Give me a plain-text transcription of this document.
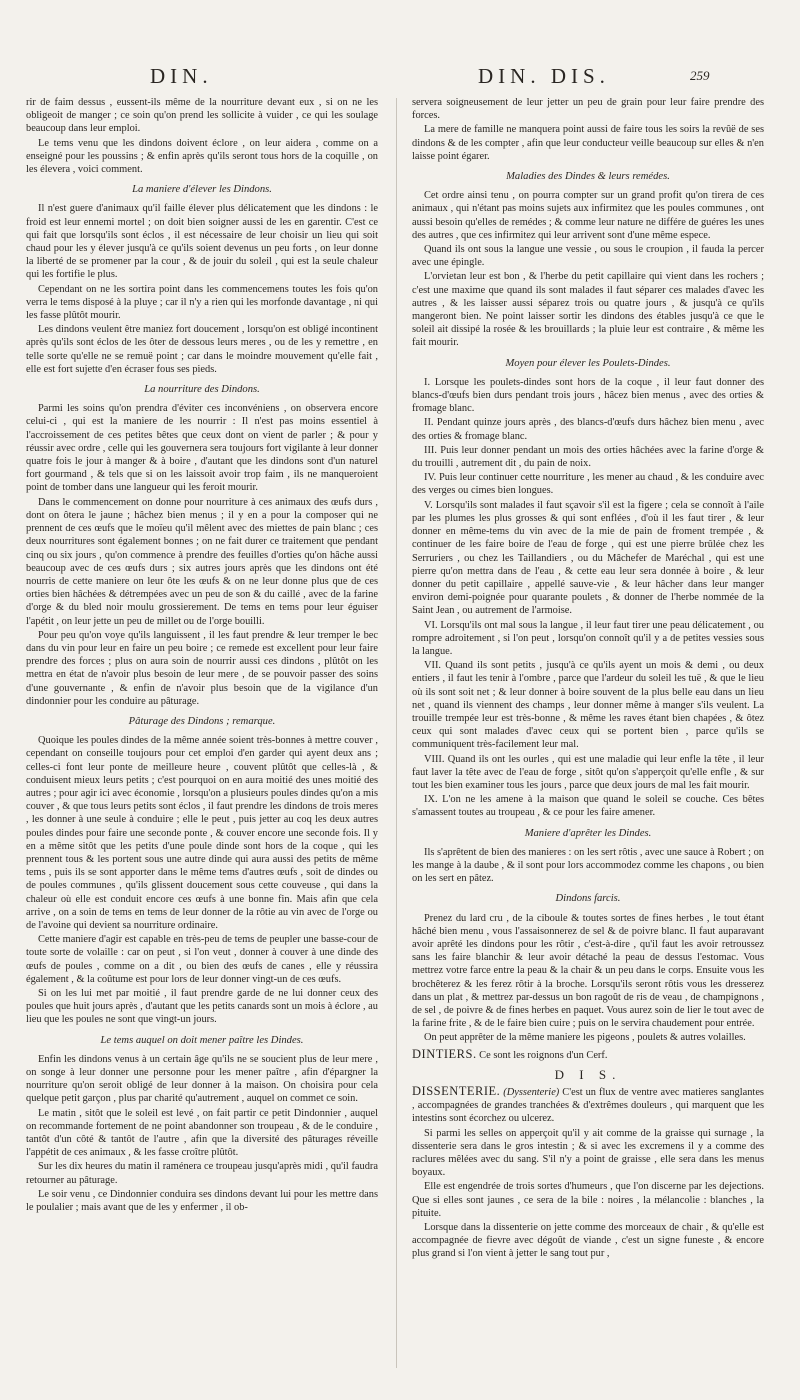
DIN.	DIN. DIS.	259

rir de faim dessus , eussent-ils même de la nourriture devant eux , si on ne les obligeoit de manger ; ce soin qu'on prend les sollicite à vuider , ce qui les soulage beaucoup dans leur emploi.

Le tems venu que les dindons doivent éclore , on leur aidera , comme on a enseigné pour les poussins ; & enfin après qu'ils seront tous hors de la coquille , on les élevera , voici comment.

La maniere d'élever les Dindons.

Il n'est guere d'animaux qu'il faille élever plus délicatement que les dindons : le froid est leur ennemi mortel ; on doit bien soigner aussi de les en garentir. C'est ce qui fait que lorsqu'ils sont éclos , il est nécessaire de leur choisir un lieu qui soit chaud pour les y élever jusqu'à ce qu'ils soient devenus un peu forts , on leur donne la liberté de se promener par la cour , & de jouir du soleil , qui est la seule chaleur qui les fortifie le plus.

Cependant on ne les sortira point dans les commencemens toutes les fois qu'on verra le tems disposé à la pluye ; car il n'y a rien qui les morfonde davantage , ni qui les fasse plûtôt mourir.

Les dindons veulent être maniez fort doucement , lorsqu'on est obligé incontinent après qu'ils sont éclos de les ôter de dessous leurs meres , ou de les y remettre , en telle sorte qu'elle ne se remuë point ; car dans le moindre mouvement qu'elle fait , elle est fort sujette d'en écraser fous ses pieds.

La nourriture des Dindons.

Parmi les soins qu'on prendra d'éviter ces inconvéniens , on observera encore celui-ci , qui est la maniere de les nourrir : Il n'est pas moins essentiel à l'accroissement de ces petites bêtes que ceux dont on vient de parler ; & pour y réussir avec ordre , celle qui les gouvernera sera toujours fort vigilante à leur donner quatre fois le jour à manger & à boire , d'autant que les dindons sont d'un naturel fort gourmand , & tels que si on les laissoit avoir trop faim , ils ne manqueroient point de tomber dans une langueur qui les feroit mourir.

Dans le commencement on donne pour nourriture à ces animaux des œufs durs , dont on ôtera le jaune ; hâchez bien menus ; il y en a pour la composer qui ne prennent de ces œufs que le moïeu qu'il mêlent avec des miettes de pain blanc ; ces deux nourritures sont également bonnes ; on ne fait durer ce traitement que pendant cinq ou six jours , qu'on commence à prendre des feuilles d'orties qu'on hâche aussi beaucoup avec de ces œufs durs ; six autres jours après que les dindons ont été nourris de cette maniere on leur ôte les œufs & on ne leur donne plus que de ces orties bien hâchées & détrempées avec un peu de son & du caillé , avec de la farine d'orge & du bled noir moulu grossierement. De tems en tems pour leur éguiser l'apétit , on leur jette un peu de millet ou de l'orge bouilli.

Pour peu qu'on voye qu'ils languissent , il les faut prendre & leur tremper le bec dans du vin pour leur en faire un peu boire ; ce remede est excellent pour leur faire prendre des forces ; plus on aura soin de nourrir aussi ces dindons , plûtôt on les mettra en état de n'avoir plus besoin de leur mere , de se pouvoir passer des soins d'une gouvernante , & enfin de n'avoir plus besoin que de la vigilance d'un dindonnier pour les conduire au pâturage.

Pâturage des Dindons ; remarque.

Quoique les poules dindes de la même année soient très-bonnes à mettre couver , cependant on conseille toujours pour cet emploi d'en garder qui ayent deux ans ; celles-ci font leur ponte de meilleure heure , couvent plûtôt que celles-là , & conduisent mieux leurs petits ; c'est pourquoi on en aura moitié des unes moitié des autres ; pour agir ici avec économie , lorsqu'on a plusieurs poules dindes qu'on a mis couver , & que tous leurs petits sont éclos , il faut prendre les dindons de trois meres , les donner à une seule à conduire ; elle le peut , puis jetter au coq les deux autres poules dindes pour faire une seconde ponte , & couver encore une seconde fois. Il y en a même sitôt que les petits d'une poule dinde sont hors de la coque , qui les prennent tous & les portent sous une autre dinde qui aura aussi des petits de même tems , puis ils se sont apporter dans le même tems d'autres œufs , soit de dindes ou de poules communes , qu'ils glissent doucement sous cette couveuse , qui dans la chaleur où elle est conduit encore ces œufs à une bonne fin. Mais afin que cela arrive , on a soin de tems en tems de leur donner de la rôtie au vin avec de l'orge ou de l'avoine qui devient sa nourriture ordinaire.

Cette maniere d'agir est capable en très-peu de tems de peupler une basse-cour de toute sorte de volaille : car on peut , si l'on veut , donner à couver à une dinde des œufs de poules , comme on a dit , ou bien des œufs de canes , elle y réussira également , & la coûtume est pour lors de leur donner vingt-un de ces œufs.

Si on les lui met par moitié , il faut prendre garde de ne lui donner ceux des poules que huit jours après , d'autant que les petits canards sont un mois à éclore , au lieu que les poules ne sont que vingt-un jours.

Le tems auquel on doit mener paître les Dindes.

Enfin les dindons venus à un certain âge qu'ils ne se soucient plus de leur mere , on songe à leur donner une personne pour les mener paître , afin d'épargner la nourriture qu'on seroit obligé de leur donner à la maison. On choisira pour cela quelque petit garçon , plus par charité qu'autrement , auquel on commet ce soin.

Le matin , sitôt que le soleil est levé , on fait partir ce petit Dindonnier , auquel on recommande fortement de ne point abandonner son troupeau , & de le conduire , tantôt d'un côté & tantôt de l'autre , afin que la diversité des pâturages réveille l'appétit de ces animaux , & les fasse croître plûtôt.

Sur les dix heures du matin il raménera ce troupeau jusqu'après midi , qu'il faudra retourner au pâturage.

Le soir venu , ce Dindonnier conduira ses dindons devant lui pour les mettre dans le poulalier ; mais avant que de les y enfermer , il ob-

servera soigneusement de leur jetter un peu de grain pour leur faire prendre des forces.

La mere de famille ne manquera point aussi de faire tous les soirs la revûë de ses dindons & de les compter , afin que leur conducteur veille beaucoup sur elles & n'en laisse point égarer.

Maladies des Dindes & leurs remédes.

Cet ordre ainsi tenu , on pourra compter sur un grand profit qu'on tirera de ces animaux , qui n'étant pas moins sujets aux infirmitez que les poules communes , ont aussi besoin qu'elles de remédes ; & comme leur nature ne différe de guéres les unes des autres , que ces infirmitez qui leur arrivent sont d'une même espece.

Quand ils ont sous la langue une vessie , ou sous le croupion , il fauda la percer avec une épingle.

L'orvietan leur est bon , & l'herbe du petit capillaire qui vient dans les rochers ; c'est une maxime que quand ils sont malades il faut séparer ces malades d'avec les autres , & les laisser aussi séparez trois ou quatre jours , & jusqu'à ce qu'ils mangeront bien. Ne point laisser sortir les dindons des étables jusqu'à ce que le soleil ait dissipé la rosée & les brouillards ; la pluie leur est contraire , & même les fait mourir.

Moyen pour élever les Poulets-Dindes.

I. Lorsque les poulets-dindes sont hors de la coque , il leur faut donner des blancs-d'œufs bien durs pendant trois jours , hâcez bien menus , avec des orties & fromage blanc.

II. Pendant quinze jours après , des blancs-d'œufs durs hâchez bien menu , avec des orties & fromage blanc.

III. Puis leur donner pendant un mois des orties hâchées avec la farine d'orge & du trouilli , autrement dit , du pain de noix.

IV. Puis leur continuer cette nourriture , les mener au chaud , & les conduire avec des verges ou cimes bien longues.

V. Lorsqu'ils sont malades il faut sçavoir s'il est la figere ; cela se connoît à l'aile par les plumes les plus grosses & qui sont enflées , d'où il les faut tirer , & leur donner en même-tems du vin avec de la mie de pain de froment trempée , & continuer de les faire boire de l'eau de forge , qui est une pierre brûlée chez les Serruriers , ou chez les Taillandiers , ou du Mâchefer de Maréchal , qui est une pierre qu'on mettra dans de l'eau , & cette eau leur sera donnée à boire , & leur donner du petit capillaire , appellé sauve-vie , & leur hâcher dans leur manger environ demi-poignée pour quarante poulets , & donner de l'herbe nommée de la Saint Jean , ou autrement de l'armoise.

VI. Lorsqu'ils ont mal sous la langue , il leur faut tirer une peau délicatement , ou rompre adroitement , si l'on peut , lorsqu'on connoît qu'il y a de petites vessies sous la langue.

VII. Quand ils sont petits , jusqu'à ce qu'ils ayent un mois & demi , ou deux entiers , il faut les tenir à l'ombre , parce que l'ardeur du soleil les tuë , & que le lieu où ils sont soit net ; & leur donner à boire souvent de la plus belle eau dans un lieu net , quand ils viennent des champs , leur donner même à manger s'ils veulent. La trouille trempée leur est très-bonne , & même les raves étant bien chapées , & ôtez ceux qui sont malades d'avec ceux qui se portent bien , parce qu'ils se communiquent très-facilement leur mal.

VIII. Quand ils ont les ourles , qui est une maladie qui leur enfle la tête , il leur faut laver la tête avec de l'eau de forge , sitôt qu'on s'apperçoit qu'elle enfle , & sur tout les bien examiner tous les jours , parce que deux jours de mal les fait mourir.

IX. L'on ne les amene à la maison que quand le soleil se couche. Ces bêtes s'amassent toutes au troupeau , & ce pour les faire amener.

Maniere d'aprêter les Dindes.

Ils s'aprêtent de bien des manieres : on les sert rôtis , avec une sauce à Robert ; on les mange à la daube , & il sont pour lors accommodez comme les chapons , ou bien on les sert en pâtez.

Dindons farcis.

Prenez du lard cru , de la ciboule & toutes sortes de fines herbes , le tout étant hâché bien menu , vous l'assaisonnerez de sel & de poivre blanc. Il faut auparavant avoir aprêté les dindons pour les rôtir , c'est-à-dire , qu'il faut les avoir retroussez sans les faire blanchir & leur avoir détaché la peau de dessus l'estomac. Vous mettrez votre farce entre la peau & la chair & un peu dans le corps. Ensuite vous les brochêterez & les ferez rôtir à la broche. Lorsqu'ils seront rôtis vous les dresserez dans un plat , & mettrez par-dessus un bon ragoût de ris de veau , de champignons , de sel , de poivre & de fines herbes en paquet. Vous aurez soin de lier le tout avec de la farine frite , & de le faire bien cuire ; puis on le servira chaudement pour entrée.

On peut apprêter de la même maniere les pigeons , poulets & autres volailles.

DINTIERS. Ce sont les roignons d'un Cerf.

D I S.

DISSENTERIE. (Dyssenterie) C'est un flux de ventre avec matieres sanglantes , accompagnées de grandes tranchées & d'extrêmes douleurs , qui marquent que les intestins sont écorchez ou ulcerez.

Si parmi les selles on apperçoit qu'il y ait comme de la graisse qui surnage , la dissenterie sera dans le gros intestin ; & si avec les excremens il y a comme des raclures mêlées avec du sang. S'il n'y a point de graisse , elle sera dans les menus boyaux.

Elle est engendrée de trois sortes d'humeurs , que l'on discerne par les dejections. Que si elles sont jaunes , ce sera de la bile : noires , la mélancolie : blanches , la pituite.

Lorsque dans la dissenterie on jette comme des morceaux de chair , & qu'elle est accompagnée de fievre avec dégoût de viande , c'est un signe funeste , & encore plus grand si l'on vient à jetter le sang tout pur ,
